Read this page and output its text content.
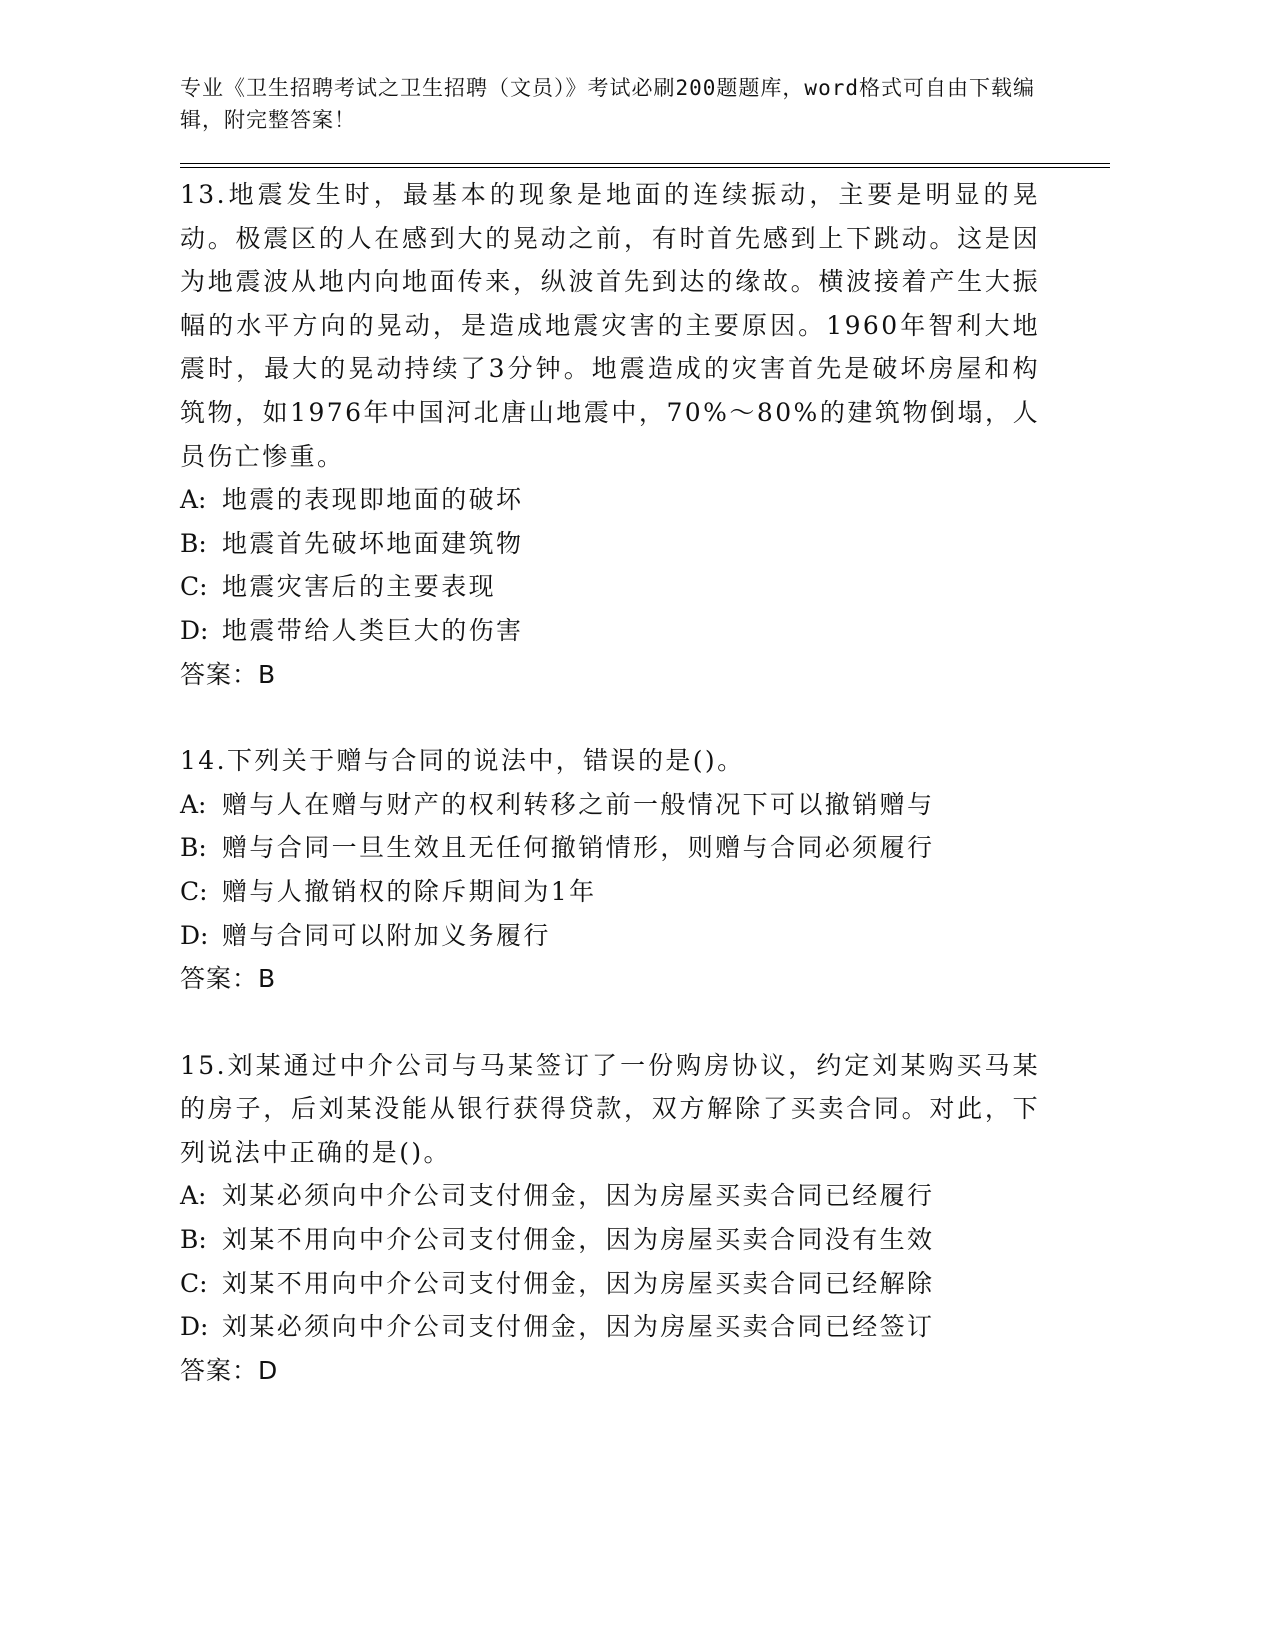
专业《卫生招聘考试之卫生招聘（文员）》考试必刷200题题库，word格式可自由下载编辑，附完整答案！
13.地震发生时，最基本的现象是地面的连续振动，主要是明显的晃动。极震区的人在感到大的晃动之前，有时首先感到上下跳动。这是因为地震波从地内向地面传来，纵波首先到达的缘故。横波接着产生大振幅的水平方向的晃动，是造成地震灾害的主要原因。1960年智利大地震时，最大的晃动持续了3分钟。地震造成的灾害首先是破坏房屋和构筑物，如1976年中国河北唐山地震中，70%～80%的建筑物倒塌，人员伤亡惨重。
A: 地震的表现即地面的破坏
B: 地震首先破坏地面建筑物
C: 地震灾害后的主要表现
D: 地震带给人类巨大的伤害
答案：B
14.下列关于赠与合同的说法中，错误的是()。
A: 赠与人在赠与财产的权利转移之前一般情况下可以撤销赠与
B: 赠与合同一旦生效且无任何撤销情形，则赠与合同必须履行
C: 赠与人撤销权的除斥期间为1年
D: 赠与合同可以附加义务履行
答案：B
15.刘某通过中介公司与马某签订了一份购房协议，约定刘某购买马某的房子，后刘某没能从银行获得贷款，双方解除了买卖合同。对此，下列说法中正确的是()。
A: 刘某必须向中介公司支付佣金，因为房屋买卖合同已经履行
B: 刘某不用向中介公司支付佣金，因为房屋买卖合同没有生效
C: 刘某不用向中介公司支付佣金，因为房屋买卖合同已经解除
D: 刘某必须向中介公司支付佣金，因为房屋买卖合同已经签订
答案：D
